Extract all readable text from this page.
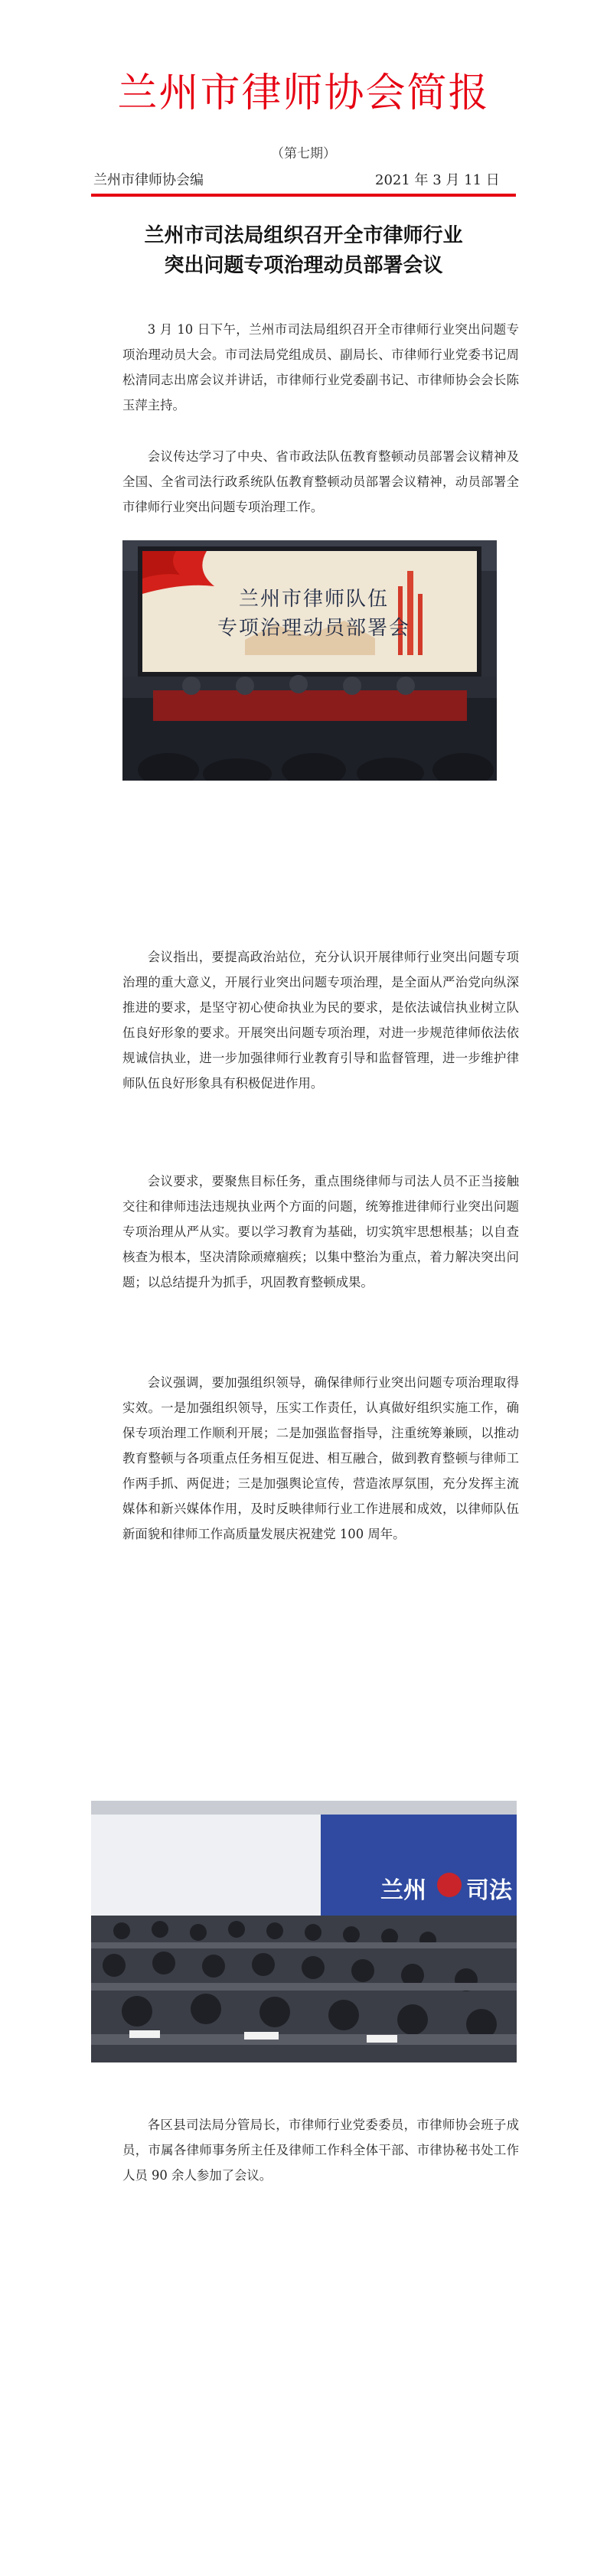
兰州市律师协会简报
（第七期）
兰州市律师协会编	2021 年 3 月 11 日
兰州市司法局组织召开全市律师行业
突出问题专项治理动员部署会议

3 月 10 日下午，兰州市司法局组织召开全市律师行业突出问题专项治理动员大会。市司法局党组成员、副局长、市律师行业党委书记周松清同志出席会议并讲话，市律师行业党委副书记、市律师协会会长陈玉萍主持。

会议传达学习了中央、省市政法队伍教育整顿动员部署会议精神及全国、全省司法行政系统队伍教育整顿动员部署会议精神，动员部署全市律师行业突出问题专项治理工作。

兰州市律师队伍
专项治理动员部署会

会议指出，要提高政治站位，充分认识开展律师行业突出问题专项治理的重大意义，开展行业突出问题专项治理，是全面从严治党向纵深推进的要求，是坚守初心使命执业为民的要求，是依法诚信执业树立队伍良好形象的要求。开展突出问题专项治理，对进一步规范律师依法依规诚信执业，进一步加强律师行业教育引导和监督管理，进一步维护律师队伍良好形象具有积极促进作用。

会议要求，要聚焦目标任务，重点围绕律师与司法人员不正当接触交往和律师违法违规执业两个方面的问题，统筹推进律师行业突出问题专项治理从严从实。要以学习教育为基础，切实筑牢思想根基；以自查核查为根本，坚决清除顽瘴痼疾；以集中整治为重点，着力解决突出问题；以总结提升为抓手，巩固教育整顿成果。

会议强调，要加强组织领导，确保律师行业突出问题专项治理取得实效。一是加强组织领导，压实工作责任，认真做好组织实施工作，确保专项治理工作顺利开展；二是加强监督指导，注重统筹兼顾，以推动教育整顿与各项重点任务相互促进、相互融合，做到教育整顿与律师工作两手抓、两促进；三是加强舆论宣传，营造浓厚氛围，充分发挥主流媒体和新兴媒体作用，及时反映律师行业工作进展和成效，以律师队伍新面貌和律师工作高质量发展庆祝建党 100 周年。

兰州 司法

各区县司法局分管局长，市律师行业党委委员，市律师协会班子成员，市属各律师事务所主任及律师工作科全体干部、市律协秘书处工作人员 90 余人参加了会议。
